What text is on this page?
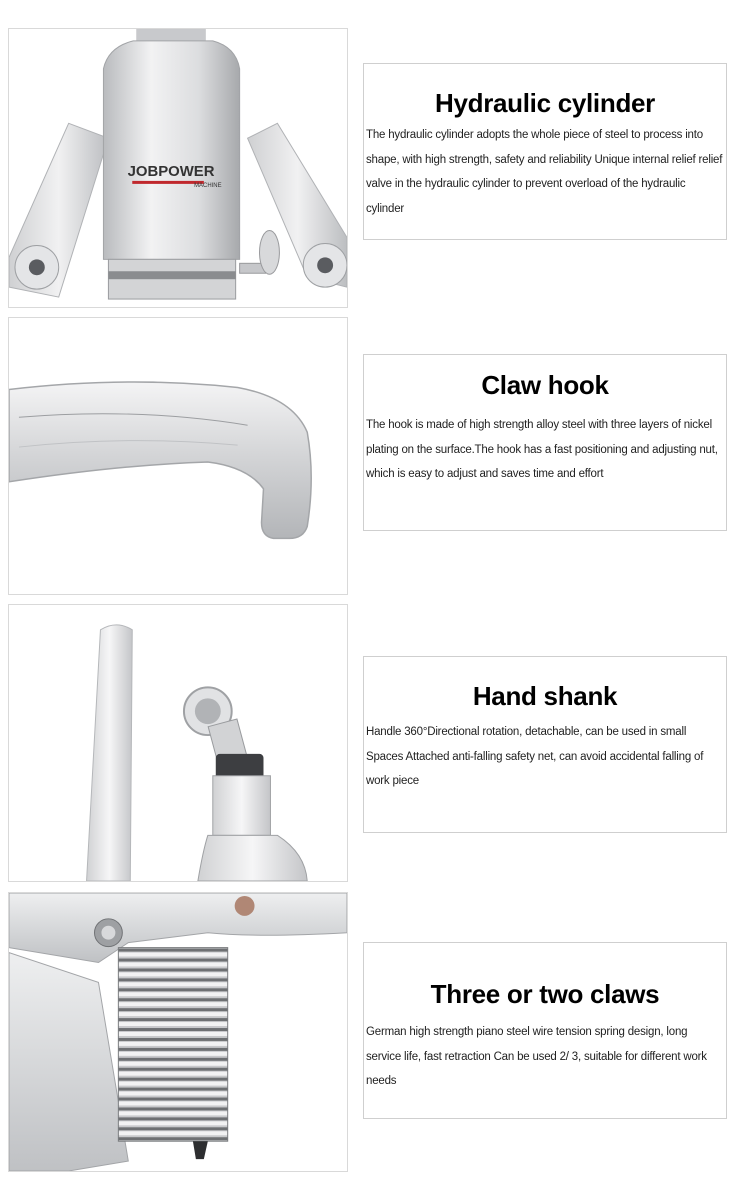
JOBPOWER
MACHINE
Hydraulic cylinder

The hydraulic cylinder adopts the whole piece of steel to process into shape, with high strength, safety and reliability Unique internal relief relief valve in the hydraulic cylinder to prevent overload of the hydraulic cylinder

Claw hook

The hook is made of high strength alloy steel with three layers of nickel plating on the surface.The hook has a fast positioning and adjusting nut, which is easy to adjust and saves time and effort

Hand shank

Handle 360°Directional rotation, detachable, can be used in small Spaces Attached anti-falling safety net, can avoid accidental falling of work piece

Three or two claws

German high strength piano steel wire tension spring design, long service life, fast retraction Can be used 2/ 3, suitable for different work needs
